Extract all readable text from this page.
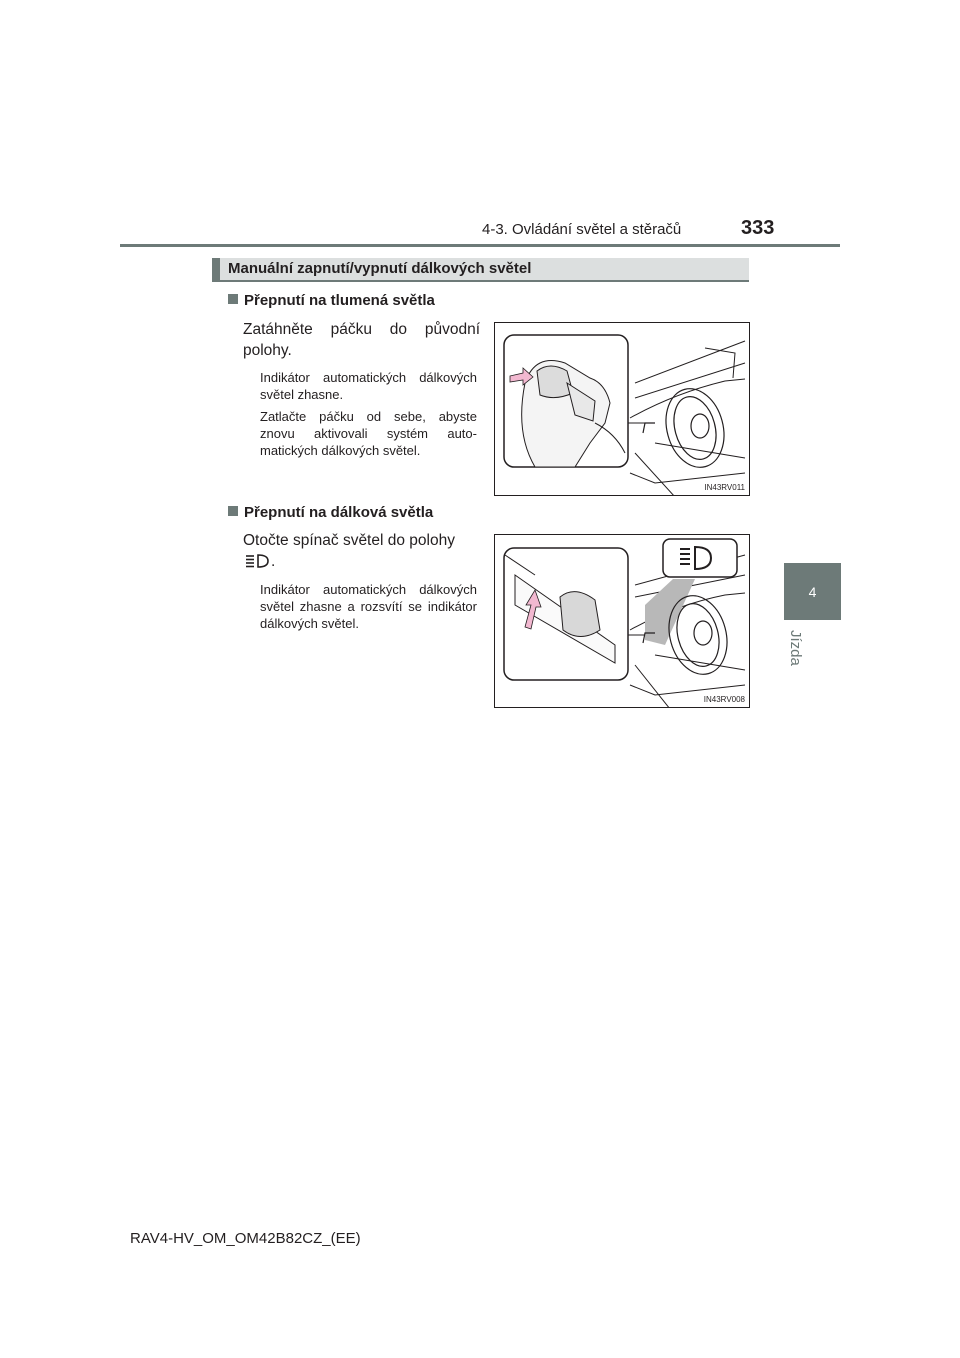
4-3. Ovládání světel a stěračů	333
4
Jízda
Manuální zapnutí/vypnutí dálkových světel
Přepnutí na tlumená světla
Zatáhněte páčku do původní polohy.
Indikátor automatických dálkových světel zhasne.
Zatlačte páčku od sebe, abyste znovu aktivovali systém automatických dálkových světel.
IN43RV011
Přepnutí na dálková světla
Otočte spínač světel do polohy
.
Indikátor automatických dálkových světel zhasne a rozsvítí se indikátor dálkových světel.
IN43RV008
RAV4-HV_OM_OM42B82CZ_(EE)
